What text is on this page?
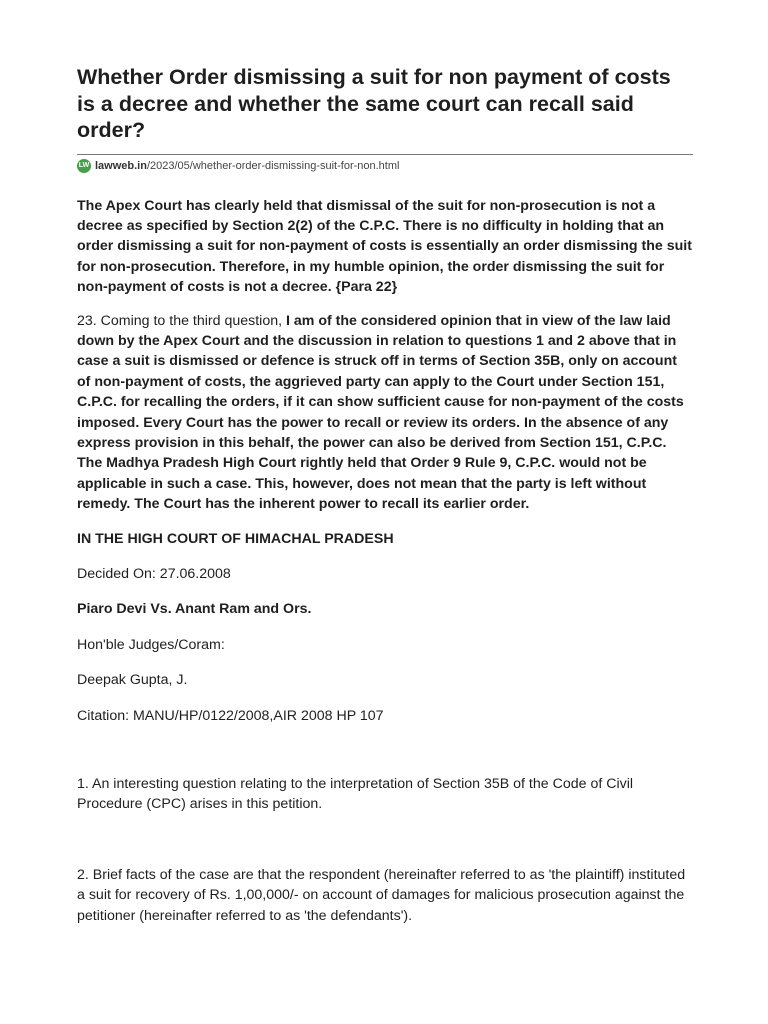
Whether Order dismissing a suit for non payment of costs is a decree and whether the same court can recall said order?
LW lawweb.in /2023/05/whether-order-dismissing-suit-for-non.html

The Apex Court has clearly held that dismissal of the suit for non-prosecution is not a decree as specified by Section 2(2) of the C.P.C. There is no difficulty in holding that an order dismissing a suit for non-payment of costs is essentially an order dismissing the suit for non-prosecution. Therefore, in my humble opinion, the order dismissing the suit for non-payment of costs is not a decree. {Para 22}

23. Coming to the third question, I am of the considered opinion that in view of the law laid down by the Apex Court and the discussion in relation to questions 1 and 2 above that in case a suit is dismissed or defence is struck off in terms of Section 35B, only on account of non-payment of costs, the aggrieved party can apply to the Court under Section 151, C.P.C. for recalling the orders, if it can show sufficient cause for non-payment of the costs imposed. Every Court has the power to recall or review its orders. In the absence of any express provision in this behalf, the power can also be derived from Section 151, C.P.C. The Madhya Pradesh High Court rightly held that Order 9 Rule 9, C.P.C. would not be applicable in such a case. This, however, does not mean that the party is left without remedy. The Court has the inherent power to recall its earlier order.

IN THE HIGH COURT OF HIMACHAL PRADESH

Decided On: 27.06.2008

Piaro Devi Vs. Anant Ram and Ors.

Hon'ble Judges/Coram:

Deepak Gupta, J.

Citation: MANU/HP/0122/2008,AIR 2008 HP 107

1. An interesting question relating to the interpretation of Section 35B of the Code of Civil Procedure (CPC) arises in this petition.

2. Brief facts of the case are that the respondent (hereinafter referred to as 'the plaintiff) instituted a suit for recovery of Rs. 1,00,000/- on account of damages for malicious prosecution against the petitioner (hereinafter referred to as 'the defendants').
